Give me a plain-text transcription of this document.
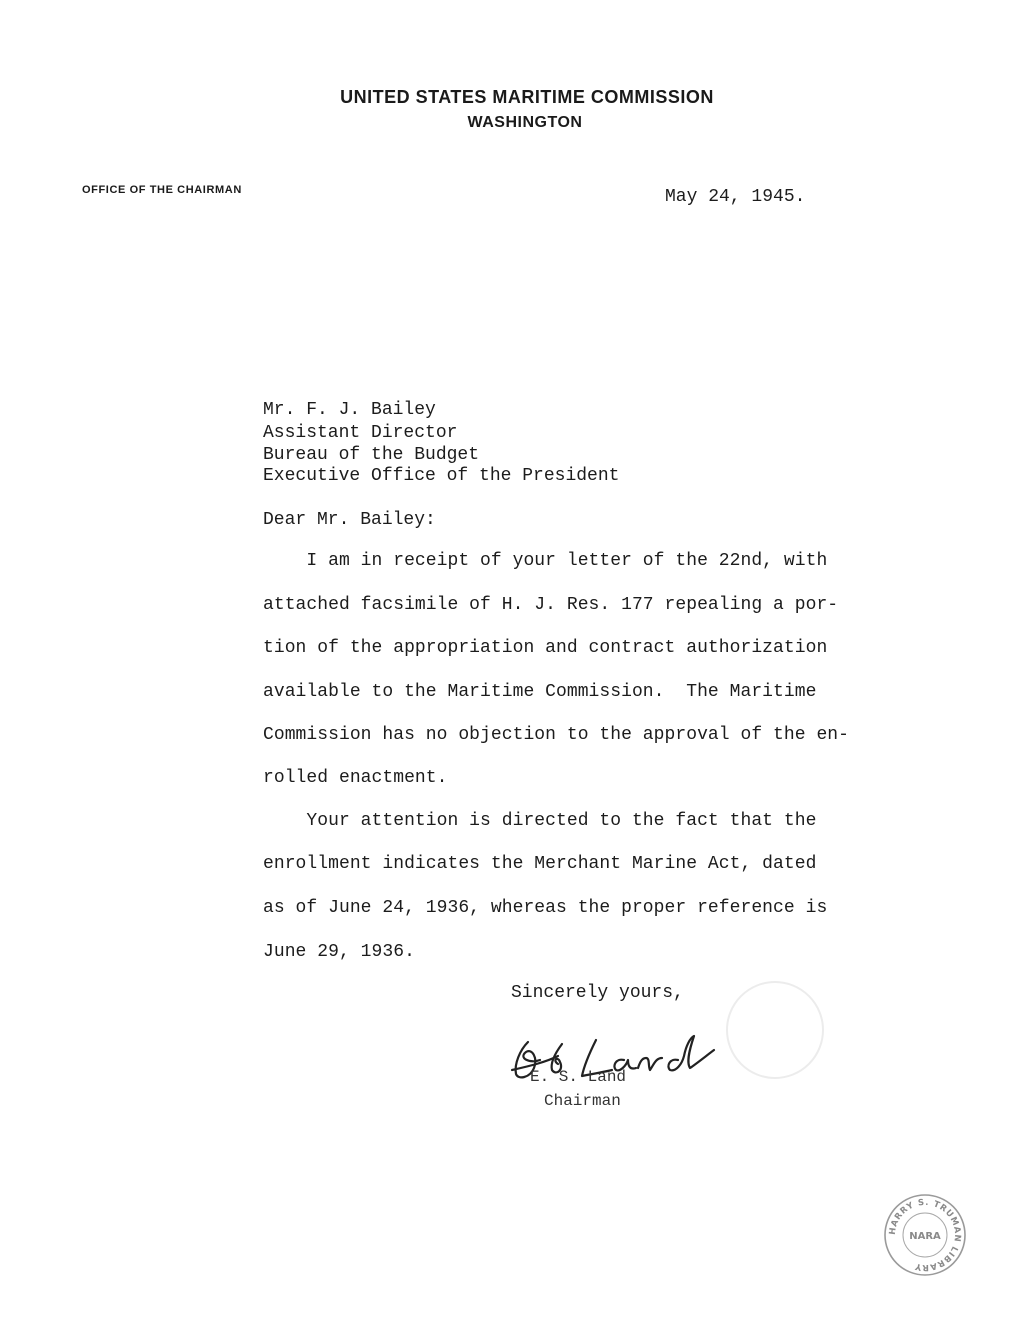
UNITED STATES MARITIME COMMISSION
WASHINGTON
OFFICE OF THE CHAIRMAN	May 24, 1945.
Mr. F. J. Bailey
Assistant Director
Bureau of the Budget
Executive Office of the President
Dear Mr. Bailey:
I am in receipt of your letter of the 22nd, with
attached facsimile of H. J. Res. 177 repealing a por-
tion of the appropriation and contract authorization
available to the Maritime Commission.  The Maritime
Commission has no objection to the approval of the en-
rolled enactment.
Your attention is directed to the fact that the
enrollment indicates the Merchant Marine Act, dated
as of June 24, 1936, whereas the proper reference is
June 29, 1936.
Sincerely yours,
E. S. Land
Chairman
HARRY S. TRUMAN LIBRARY
NARA
